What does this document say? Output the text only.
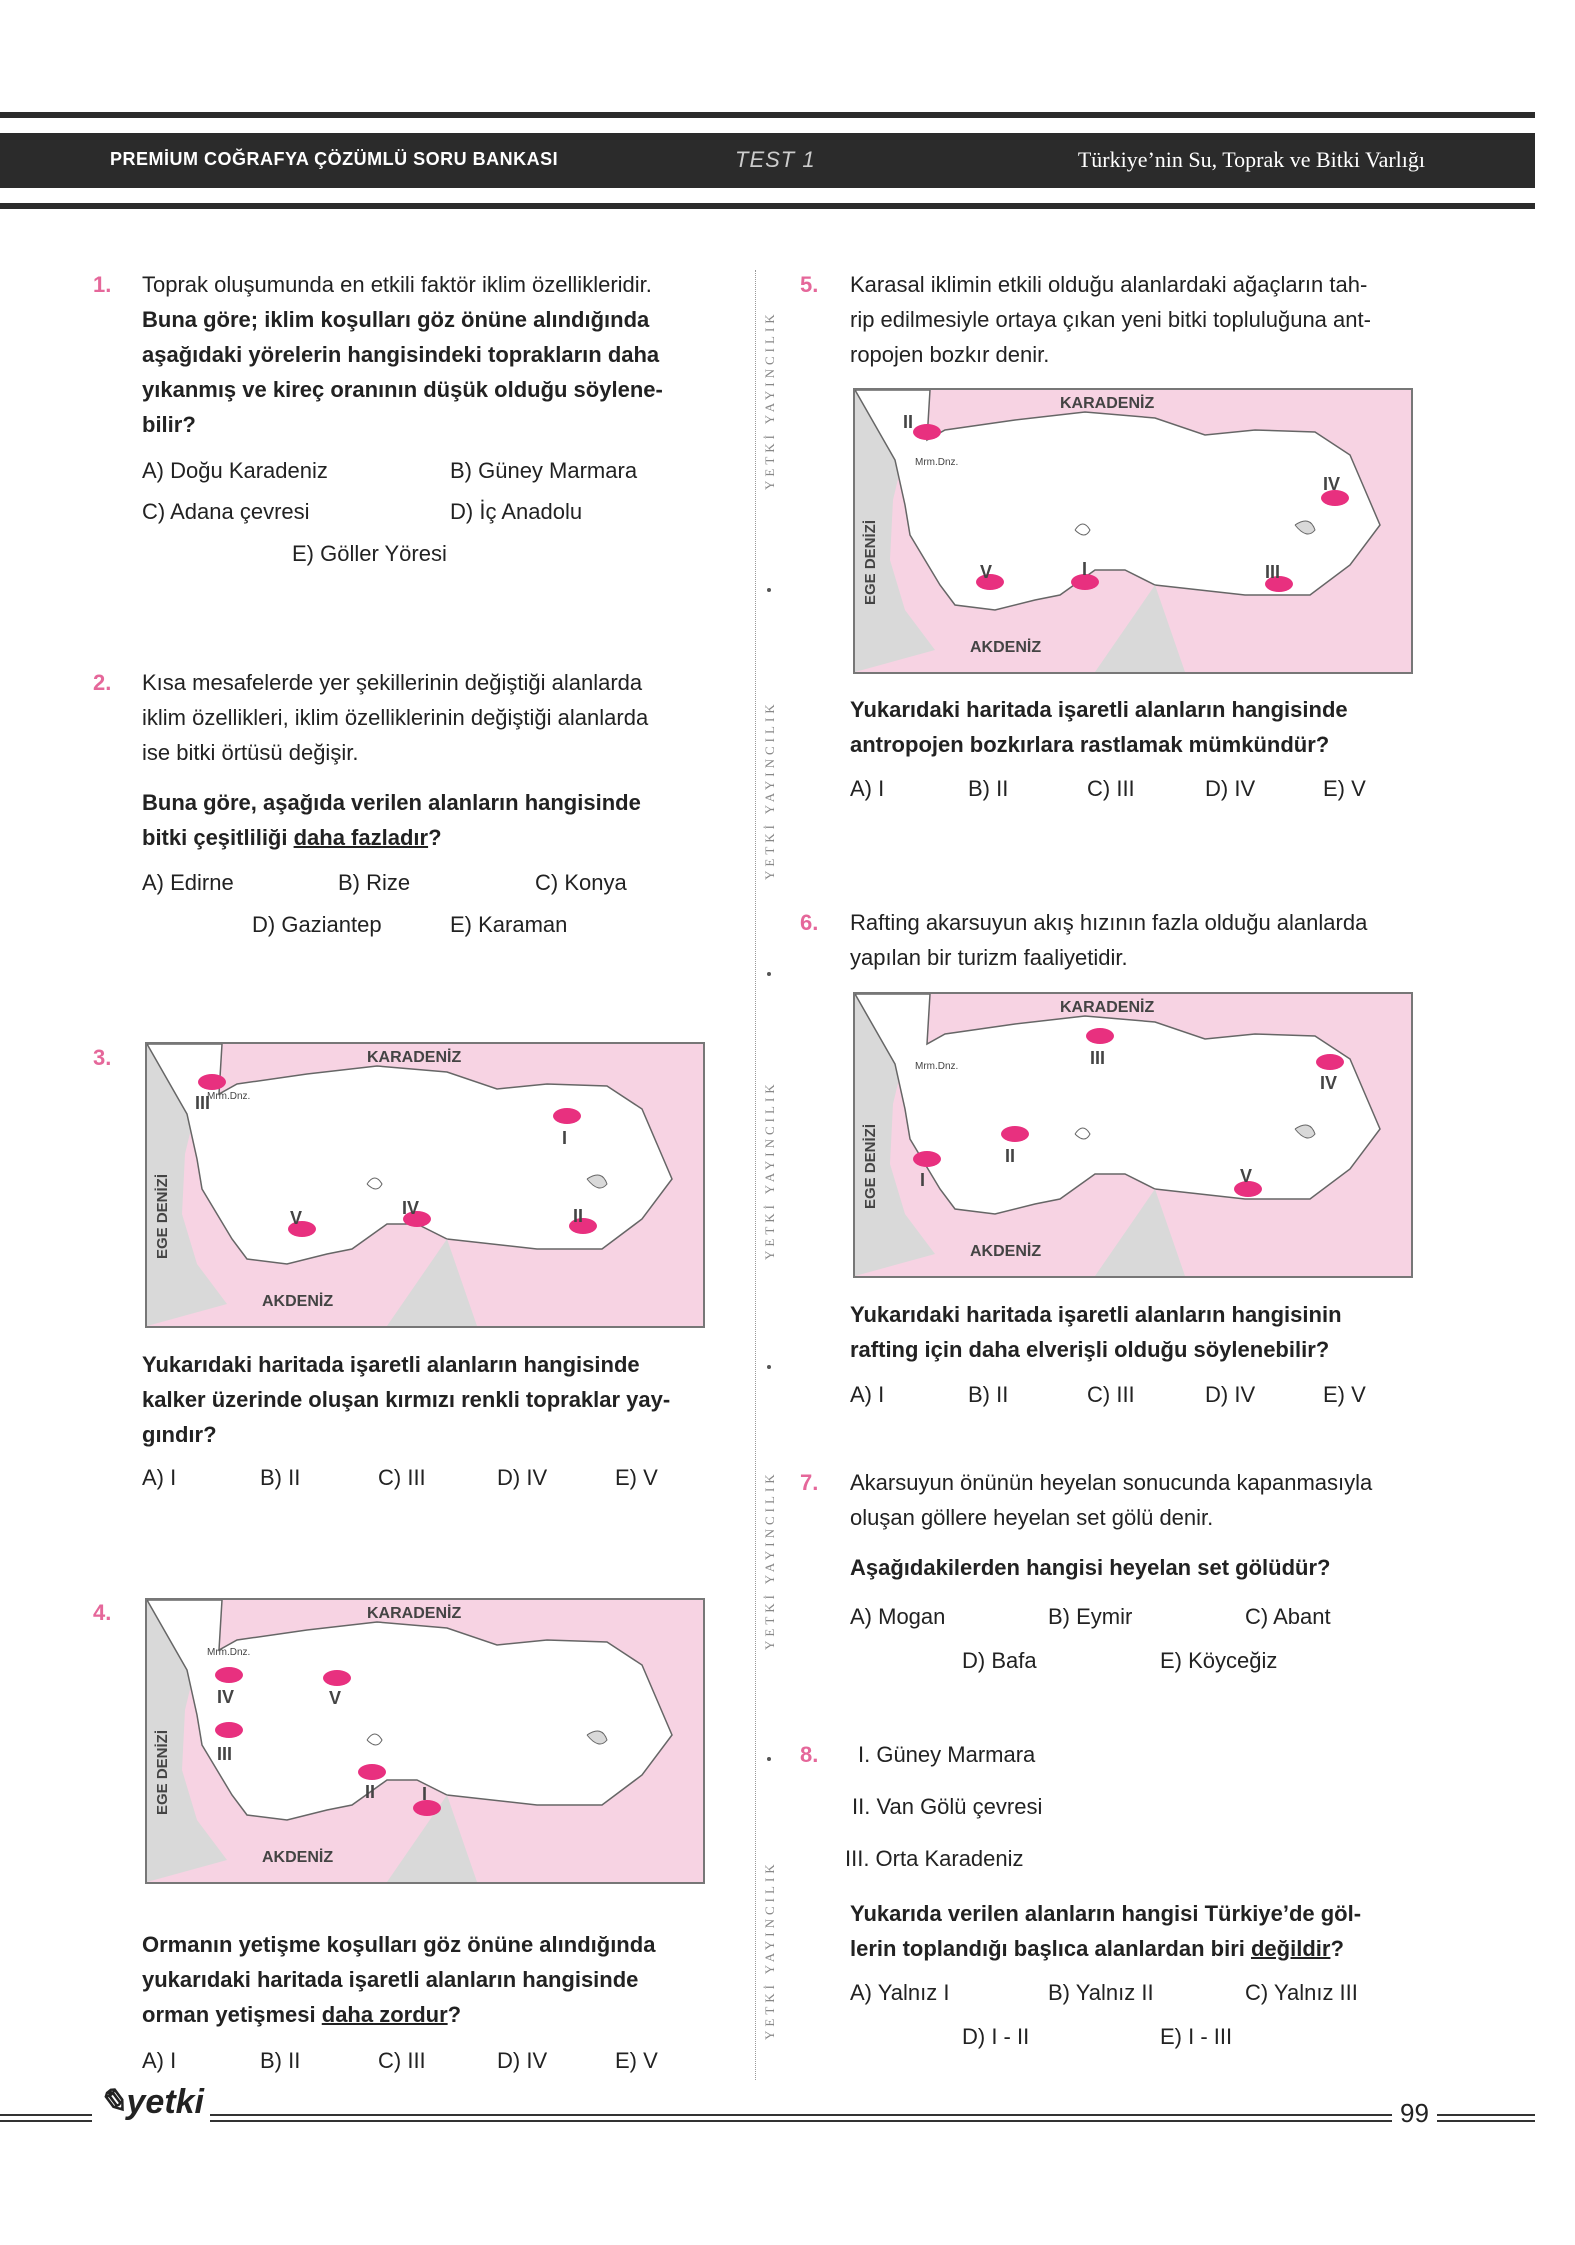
PREMİUM COĞRAFYA ÇÖZÜMLÜ SORU BANKASI	TEST 1	Türkiye’nin Su, Toprak ve Bitki Varlığı
YETKİ YAYINCILIK
YETKİ YAYINCILIK
YETKİ YAYINCILIK
YETKİ YAYINCILIK
YETKİ YAYINCILIK
1. Toprak oluşumunda en etkili faktör iklim özellikleridir.
Buna göre; iklim koşulları göz önüne alındığında
aşağıdaki yörelerin hangisindeki toprakların daha
yıkanmış ve kireç oranının düşük olduğu söylene-
bilir?
A) Doğu Karadeniz	B) Güney Marmara
C) Adana çevresi	D) İç Anadolu
E) Göller Yöresi
2. Kısa mesafelerde yer şekillerinin değiştiği alanlarda
iklim özellikleri, iklim özelliklerinin değiştiği alanlarda
ise bitki örtüsü değişir.
Buna göre, aşağıda verilen alanların hangisinde
bitki çeşitliliği daha fazladır?
A) Edirne	B) Rize	C) Konya
D) Gaziantep	E) Karaman
3.	KARADENİZ
AKDENİZ
EGE DENİZİ
Mrm.Dnz.
III
I
IV
V	II
Yukarıdaki haritada işaretli alanların hangisinde
kalker üzerinde oluşan kırmızı renkli topraklar yay-
gındır?
A) I	B) II	C) III	D) IV	E) V
4.	KARADENİZ
AKDENİZ
EGE DENİZİ
Mrm.Dnz.
IV	V
III
II	I
Ormanın yetişme koşulları göz önüne alındığında
yukarıdaki haritada işaretli alanların hangisinde
orman yetişmesi daha zordur?
A) I	B) II	C) III	D) IV	E) V
5. Karasal iklimin etkili olduğu alanlardaki ağaçların tah-
rip edilmesiyle ortaya çıkan yeni bitki topluluğuna ant-
ropojen bozkır denir.
KARADENİZ
AKDENİZ
EGE DENİZİ
Mrm.Dnz.
II
IV
V	I	III
Yukarıdaki haritada işaretli alanların hangisinde
antropojen bozkırlara rastlamak mümkündür?
A) I	B) II	C) III	D) IV	E) V
6. Rafting akarsuyun akış hızının fazla olduğu alanlarda
yapılan bir turizm faaliyetidir.
KARADENİZ
AKDENİZ
EGE DENİZİ
Mrm.Dnz.	III
IV
II
I	V
Yukarıdaki haritada işaretli alanların hangisinin
rafting için daha elverişli olduğu söylenebilir?
A) I	B) II	C) III	D) IV	E) V
7. Akarsuyun önünün heyelan sonucunda kapanmasıyla
oluşan göllere heyelan set gölü denir.
Aşağıdakilerden hangisi heyelan set gölüdür?
A) Mogan	B) Eymir	C) Abant
D) Bafa	E) Köyceğiz
8. I. Güney Marmara
II. Van Gölü çevresi
III. Orta Karadeniz
Yukarıda verilen alanların hangisi Türkiye’de göl-
lerin toplandığı başlıca alanlardan biri değildir?
A) Yalnız I	B) Yalnız II	C) Yalnız III
D) I - II	E) I - III
✎yetki	99
